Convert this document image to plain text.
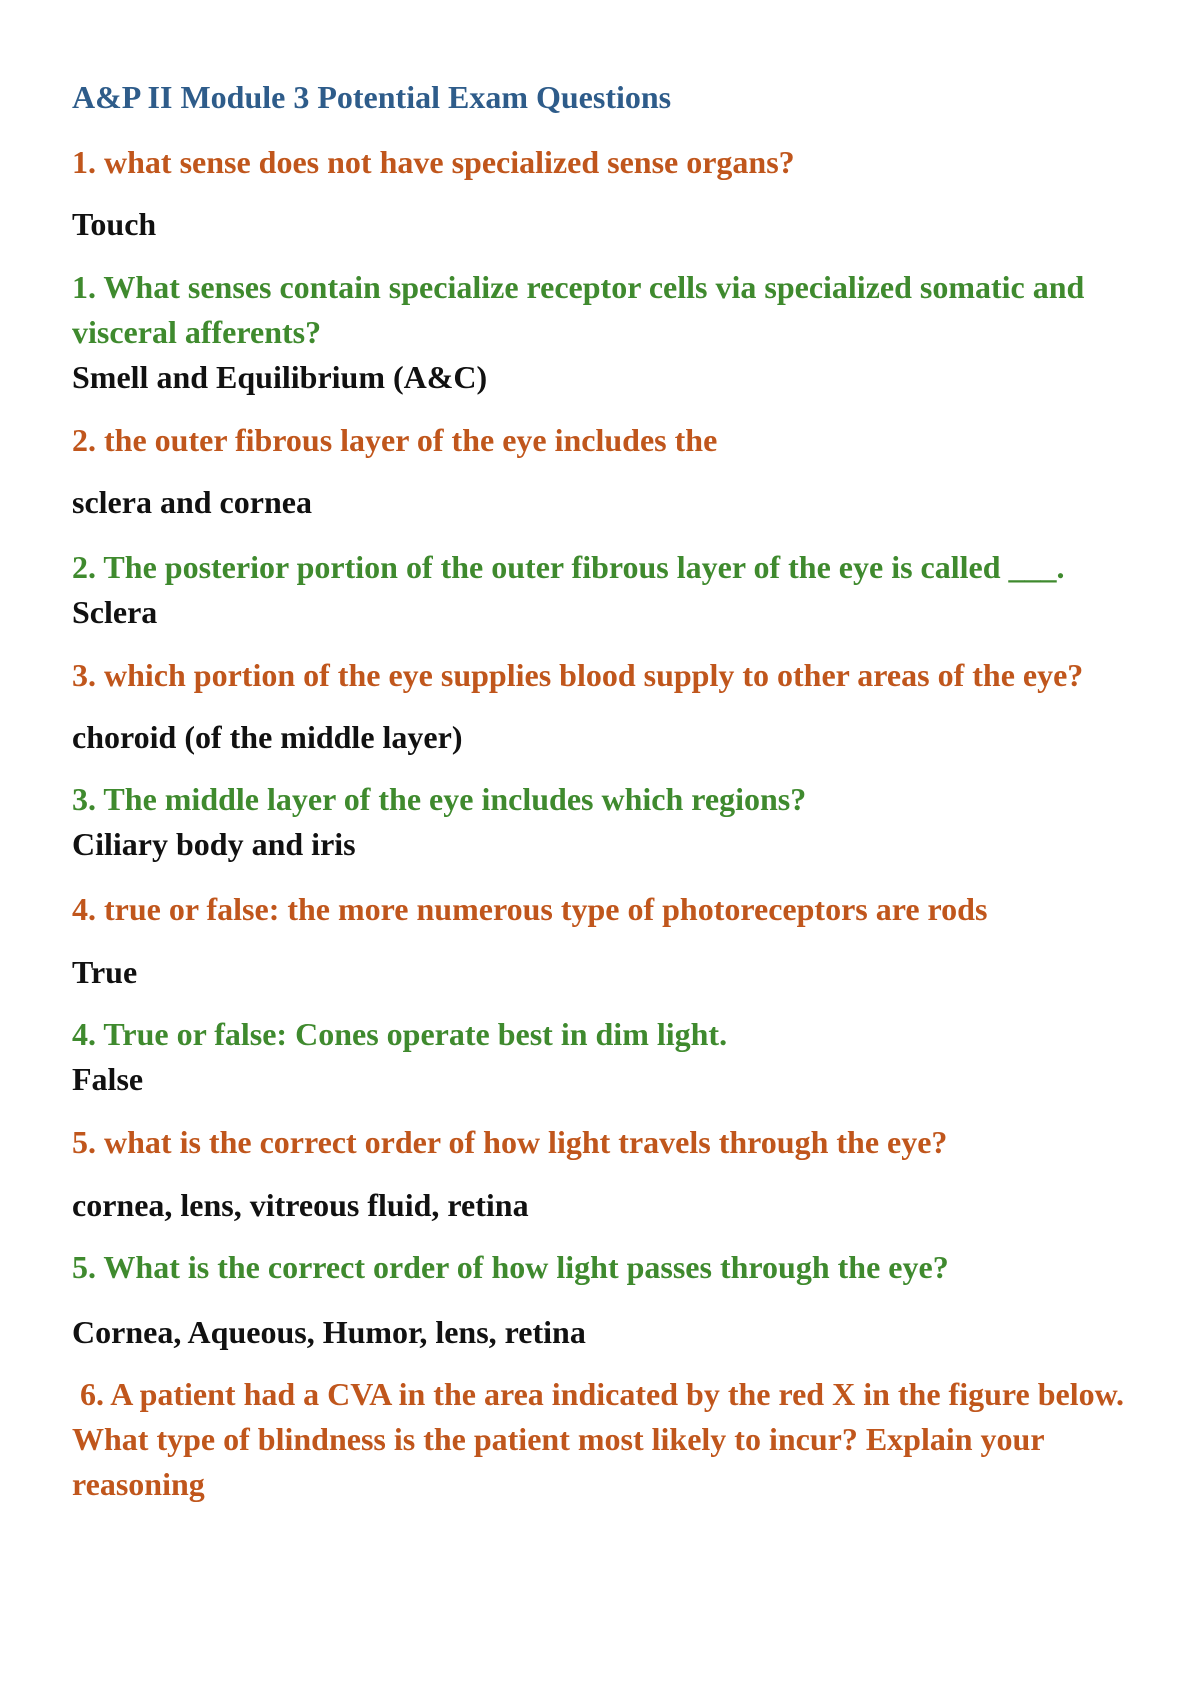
A&P II Module 3 Potential Exam Questions

1. what sense does not have specialized sense organs?

Touch

1. What senses contain specialize receptor cells via specialized somatic and visceral afferents?

Smell and Equilibrium (A&C)

2. the outer fibrous layer of the eye includes the

sclera and cornea

2. The posterior portion of the outer fibrous layer of the eye is called ___.

Sclera

3. which portion of the eye supplies blood supply to other areas of the eye?

choroid (of the middle layer)

3. The middle layer of the eye includes which regions?

Ciliary body and iris

4. true or false: the more numerous type of photoreceptors are rods

True

4. True or false: Cones operate best in dim light.

False

5. what is the correct order of how light travels through the eye?

cornea, lens, vitreous fluid, retina

5. What is the correct order of how light passes through the eye?

Cornea, Aqueous, Humor, lens, retina

6. A patient had a CVA in the area indicated by the red X in the figure below. What type of blindness is the patient most likely to incur? Explain your reasoning
